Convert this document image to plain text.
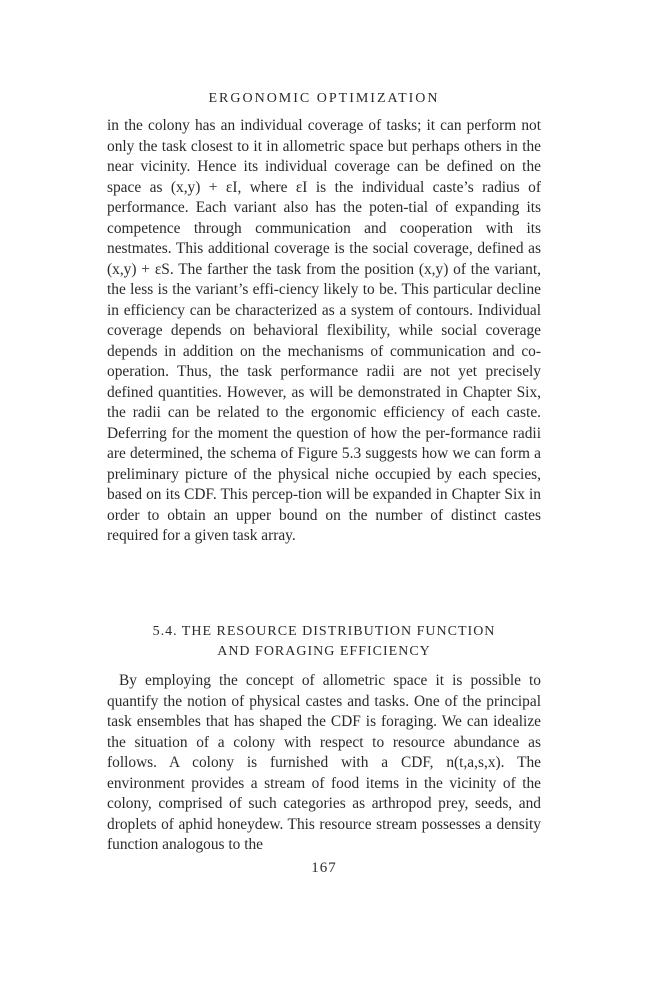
ERGONOMIC OPTIMIZATION

in the colony has an individual coverage of tasks; it can perform not only the task closest to it in allometric space but perhaps others in the near vicinity. Hence its individual coverage can be defined on the space as (x,y) + εI, where εI is the individual caste’s radius of performance. Each variant also has the poten-tial of expanding its competence through communication and cooperation with its nestmates. This additional coverage is the social coverage, defined as (x,y) + εS. The farther the task from the position (x,y) of the variant, the less is the variant’s effi-ciency likely to be. This particular decline in efficiency can be characterized as a system of contours. Individual coverage depends on behavioral flexibility, while social coverage depends in addition on the mechanisms of communication and co-operation. Thus, the task performance radii are not yet precisely defined quantities. However, as will be demonstrated in Chapter Six, the radii can be related to the ergonomic efficiency of each caste. Deferring for the moment the question of how the per-formance radii are determined, the schema of Figure 5.3 suggests how we can form a preliminary picture of the physical niche occupied by each species, based on its CDF. This percep-tion will be expanded in Chapter Six in order to obtain an upper bound on the number of distinct castes required for a given task array.

5.4. THE RESOURCE DISTRIBUTION FUNCTION
AND FORAGING EFFICIENCY

By employing the concept of allometric space it is possible to quantify the notion of physical castes and tasks. One of the principal task ensembles that has shaped the CDF is foraging. We can idealize the situation of a colony with respect to resource abundance as follows. A colony is furnished with a CDF, n(t,a,s,x). The environment provides a stream of food items in the vicinity of the colony, comprised of such categories as arthropod prey, seeds, and droplets of aphid honeydew. This resource stream possesses a density function analogous to the

167
